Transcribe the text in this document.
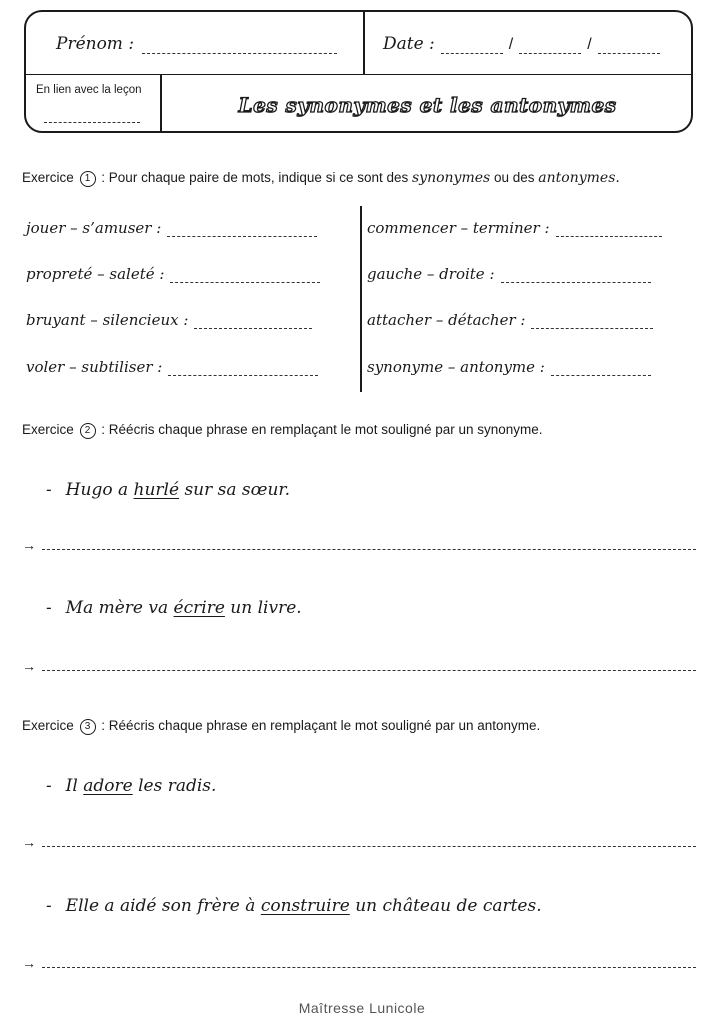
Prénom :	Date :	/	/
En lien avec la leçon
Les synonymes et les antonymes
Exercice 1 : Pour chaque paire de mots, indique si ce sont des synonymes ou des antonymes.
jouer – s’amuser :
propreté – saleté :
bruyant – silencieux :
voler – subtiliser :
commencer – terminer :
gauche – droite :
attacher – détacher :
synonyme – antonyme :
Exercice 2 : Réécris chaque phrase en remplaçant le mot souligné par un synonyme.
- Hugo a hurlé sur sa sœur.
→
- Ma mère va écrire un livre.
→
Exercice 3 : Réécris chaque phrase en remplaçant le mot souligné par un antonyme.
- Il adore les radis.
→
- Elle a aidé son frère à construire un château de cartes.
→
Maîtresse Lunicole
